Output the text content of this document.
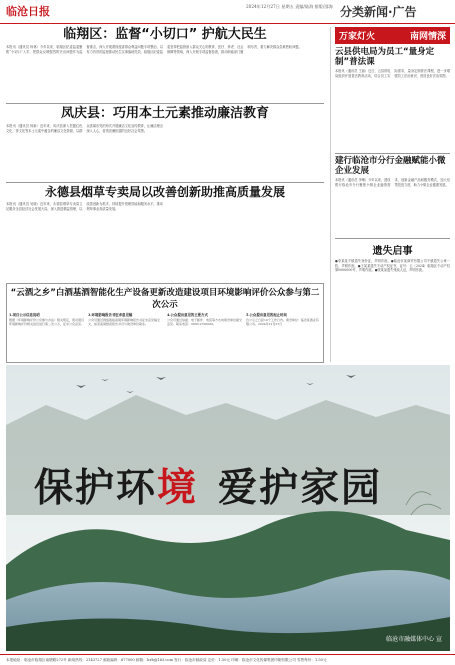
临沧日报	2024年12月27日 星期五 责编/陆海 排版/邵海 分类新闻·广告
临翔区：监督“小切口” 护航大民生
本报讯（通讯员 杨林）今年以来，临翔区纪委监委聚焦“小切口”入手，把群众反映强烈的突出问题作为监督重点，深入开展漠视侵害群众利益问题专项整治，以有力有效的监督推动民生实事落地见效。临翔区纪委监委坚持把监督嵌入群众关心的教育、医疗、养老、社会保障等领域，深入开展专项监督检查，推动职能部门履职尽责，着力解决群众急难愁盼问题。
凤庆县：巧用本土元素推动廉洁教育
本报讯（通讯员 杨新）近年来，凤庆县深入挖掘红色文化、茶文化等本土元素中蕴含的廉洁文化资源，以群众喜闻乐见的形式开展廉洁文化宣传教育，让廉洁理念深入人心，营造崇廉拒腐的良好社会氛围。
永德县烟草专卖局以改善创新助推高质量发展
本报讯（通讯员 吴晓）近年来，永德县烟草专卖局立足服务全县经济社会发展大局，深入推进精益管理，以改善创新为抓手，持续提升管理效能和服务水平，推动烟草事业高质量发展。
“云酒之乡”白酒基酒智能化生产设备更新改造建设项目环境影响评价公众参与第二次公示
1.项目公示信息说明
根据《环境影响评价公众参与办法》相关规定，现对项目环境影响评价相关信息进行第二次公示，征求公众意见。
3.环境影响报告书征求意见稿
公众可通过网络链接查阅环境影响报告书征求意见稿全文，如需查阅纸质报告书可与建设单位联系。
4.公众提出意见的主要方式
公众可通过信函、电子邮件、电话等方式向建设单位提交意见。联系电话：0883-2700000。
5.公众提出意见的起止时间
自公示之日起10个工作日内。建设单位：临沧某酒业有限公司。2024年12月27日
万家灯火	南网情深
云县供电局为员工“量身定制”普法课
本报讯（通讯员 王丽）近日，云县供电局组织开展普法教育活动，结合员工实际需求，量身定制普法课程，进一步增强员工法治意识，营造良好法治氛围。
建行临沧市分行金融赋能小微企业发展
本报讯（通讯员 李琳）今年以来，建设银行临沧市分行聚焦小微企业融资需求，创新金融产品和服务模式，加大信贷投放力度，助力小微企业健康发展。
遗失启事
●李某某不慎遗失身份证，声明作废。●临沧市某商贸有限公司不慎遗失公章一枚，声明作废。●王某某遗失不动产权证书，证号：云（2024）临翔区不动产权第0000000号，声明作废。●张某某遗失残疾人证，声明作废。
保护环境 爱护家园
临沧市融媒体中心 宣
本报地址：临沧市临翔区南塘路272号 新闻热线：2143727 邮政编码：677000 邮箱：lcrb@163.com 发行：临沧市邮政局 定价：1.50元 印刷：临沧市文化传媒集团印刷有限公司 零售每份：1.50元
